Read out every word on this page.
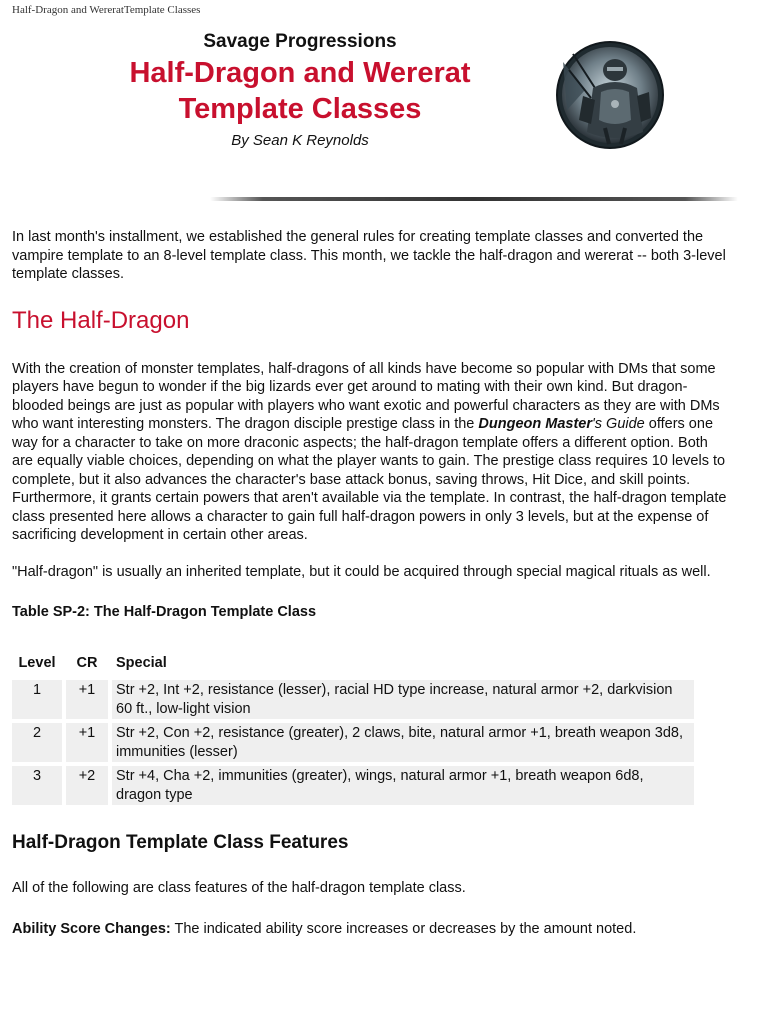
Half-Dragon and WereratTemplate Classes
Savage Progressions
Half-Dragon and Wererat
Template Classes
By Sean K Reynolds

In last month's installment, we established the general rules for creating template classes and converted the vampire template to an 8-level template class. This month, we tackle the half-dragon and wererat -- both 3-level template classes.

The Half-Dragon

With the creation of monster templates, half-dragons of all kinds have become so popular with DMs that some players have begun to wonder if the big lizards ever get around to mating with their own kind. But dragon-blooded beings are just as popular with players who want exotic and powerful characters as they are with DMs who want interesting monsters. The dragon disciple prestige class in the Dungeon Master's Guide offers one way for a character to take on more draconic aspects; the half-dragon template offers a different option. Both are equally viable choices, depending on what the player wants to gain. The prestige class requires 10 levels to complete, but it also advances the character's base attack bonus, saving throws, Hit Dice, and skill points. Furthermore, it grants certain powers that aren't available via the template. In contrast, the half-dragon template class presented here allows a character to gain full half-dragon powers in only 3 levels, but at the expense of sacrificing development in certain other areas.

"Half-dragon" is usually an inherited template, but it could be acquired through special magical rituals as well.

Table SP-2: The Half-Dragon Template Class

Level	CR	Special
1	+1	Str +2, Int +2, resistance (lesser), racial HD type increase, natural armor +2, darkvision 60 ft., low-light vision
2	+1	Str +2, Con +2, resistance (greater), 2 claws, bite, natural armor +1, breath weapon 3d8, immunities (lesser)
3	+2	Str +4, Cha +2, immunities (greater), wings, natural armor +1, breath weapon 6d8, dragon type
Half-Dragon Template Class Features

All of the following are class features of the half-dragon template class.

Ability Score Changes: The indicated ability score increases or decreases by the amount noted.
